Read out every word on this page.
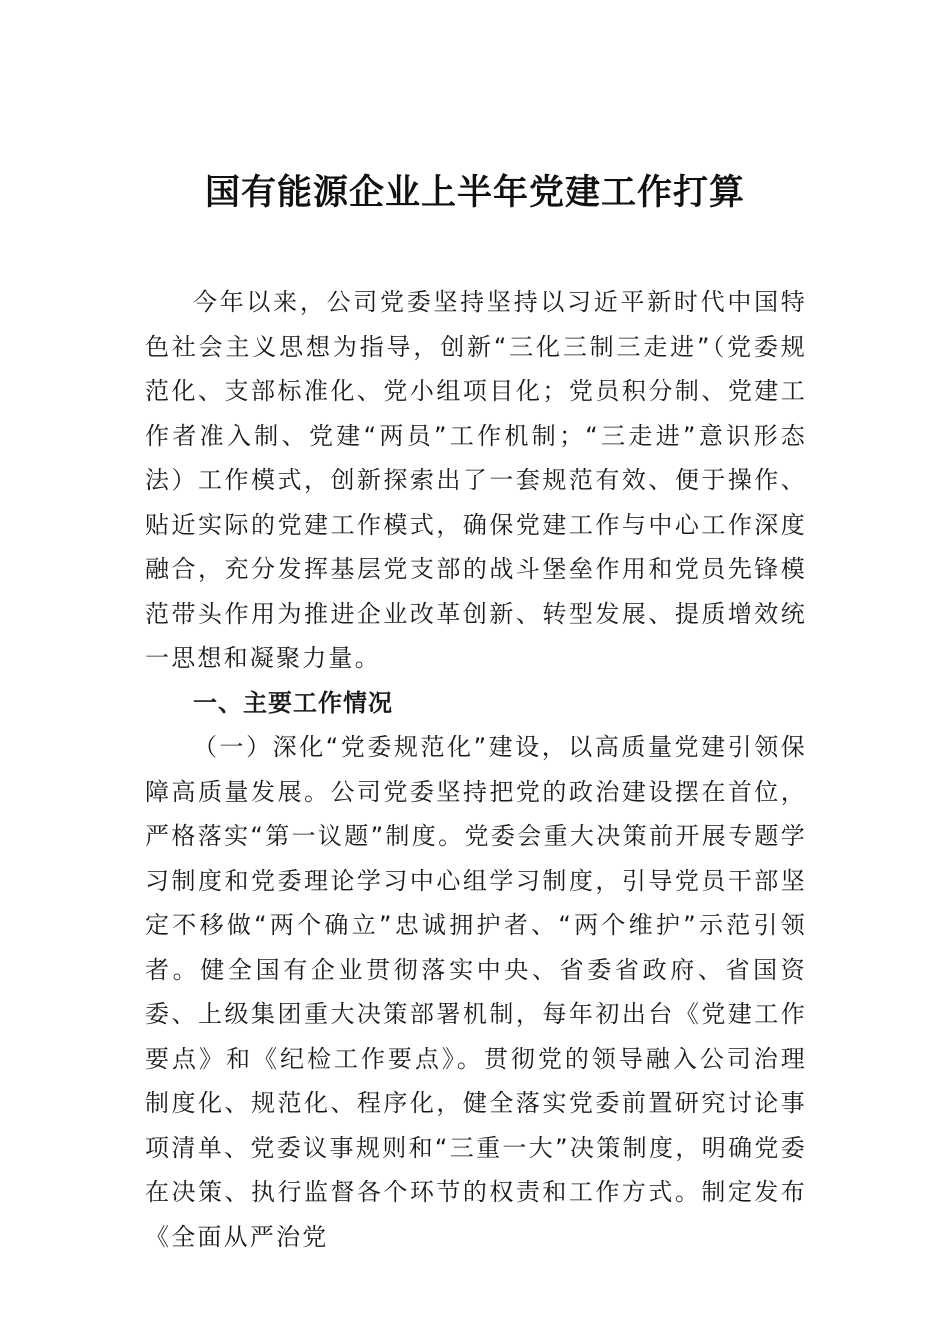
国有能源企业上半年党建工作打算

今年以来，公司党委坚持坚持以习近平新时代中国特色社会主义思想为指导，创新“三化三制三走进”（党委规范化、支部标准化、党小组项目化；党员积分制、党建工作者准入制、党建“两员”工作机制；“三走进”意识形态法）工作模式，创新探索出了一套规范有效、便于操作、贴近实际的党建工作模式，确保党建工作与中心工作深度融合，充分发挥基层党支部的战斗堡垒作用和党员先锋模范带头作用为推进企业改革创新、转型发展、提质增效统一思想和凝聚力量。

一、主要工作情况

（一）深化“党委规范化”建设，以高质量党建引领保障高质量发展。公司党委坚持把党的政治建设摆在首位，严格落实“第一议题”制度。党委会重大决策前开展专题学习制度和党委理论学习中心组学习制度，引导党员干部坚定不移做“两个确立”忠诚拥护者、“两个维护”示范引领者。健全国有企业贯彻落实中央、省委省政府、省国资委、上级集团重大决策部署机制，每年初出台《党建工作要点》和《纪检工作要点》。贯彻党的领导融入公司治理制度化、规范化、程序化，健全落实党委前置研究讨论事项清单、党委议事规则和“三重一大”决策制度，明确党委在决策、执行监督各个环节的权责和工作方式。制定发布《全面从严治党
